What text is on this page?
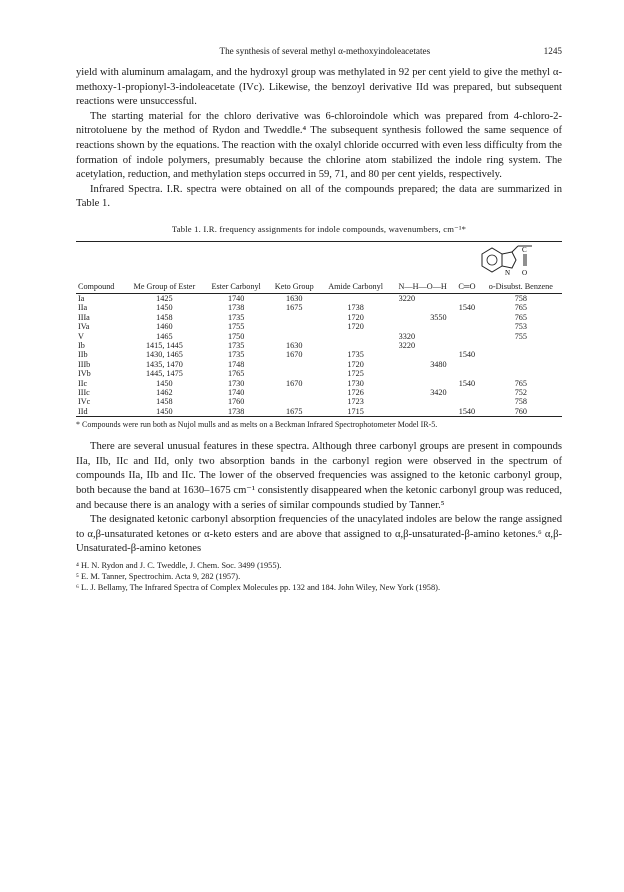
The synthesis of several methyl α-methoxyindoleacetates	1245

yield with aluminum amalagam, and the hydroxyl group was methylated in 92 per cent yield to give the methyl α-methoxy-1-propionyl-3-indoleacetate (IVc). Likewise, the benzoyl derivative IId was prepared, but subsequent reactions were unsuccessful.

The starting material for the chloro derivative was 6-chloroindole which was prepared from 4-chloro-2-nitrotoluene by the method of Rydon and Tweddle.⁴ The subsequent synthesis followed the same sequence of reactions shown by the equations. The reaction with the oxalyl chloride occurred with even less difficulty from the formation of indole polymers, presumably because the chlorine atom stabilized the indole ring system. The acetylation, reduction, and methylation steps occurred in 59, 71, and 80 per cent yields, respectively.

Infrared Spectra. I.R. spectra were obtained on all of the compounds prepared; the data are summarized in Table 1.

Table 1. I.R. frequency assignments for indole compounds, wavenumbers, cm⁻¹*

C
O
N	

Compound	Me Group of Ester	Ester Carbonyl	Keto Group	Amide Carbonyl	N—H—O—H		C═O	o-Disubst. Benzene
Ia	1425	1740	1630		3220			758
IIa	1450	1738	1675	1738			1540	765
IIIa	1458	1735		1720		3550		765
IVa	1460	1755		1720				753
V	1465	1750			3320			755
Ib	1415, 1445	1735	1630		3220			
IIb	1430, 1465	1735	1670	1735			1540	
IIIb	1435, 1470	1748		1720		3480		
IVb	1445, 1475	1765		1725				
IIc	1450	1730	1670	1730			1540	765
IIIc	1462	1740		1726		3420		752
IVc	1458	1760		1723				758
IId	1450	1738	1675	1715			1540	760
* Compounds were run both as Nujol mulls and as melts on a Beckman Infrared Spectrophotometer Model IR-5.

There are several unusual features in these spectra. Although three carbonyl groups are present in compounds IIa, IIb, IIc and IId, only two absorption bands in the carbonyl region were observed in the spectrum of compounds IIa, IIb and IIc. The lower of the observed frequencies was assigned to the ketonic carbonyl group, both because the band at 1630–1675 cm⁻¹ consistently disappeared when the ketonic carbonyl group was reduced, and because there is an analogy with a series of similar compounds studied by Tanner.⁵

The designated ketonic carbonyl absorption frequencies of the unacylated indoles are below the range assigned to α,β-unsaturated ketones or α-keto esters and are above that assigned to α,β-unsaturated-β-amino ketones.⁶ α,β-Unsaturated-β-amino ketones

⁴ H. N. Rydon and J. C. Tweddle, J. Chem. Soc. 3499 (1955).
⁵ E. M. Tanner, Spectrochim. Acta 9, 282 (1957).
⁶ L. J. Bellamy, The Infrared Spectra of Complex Molecules pp. 132 and 184. John Wiley, New York (1958).
